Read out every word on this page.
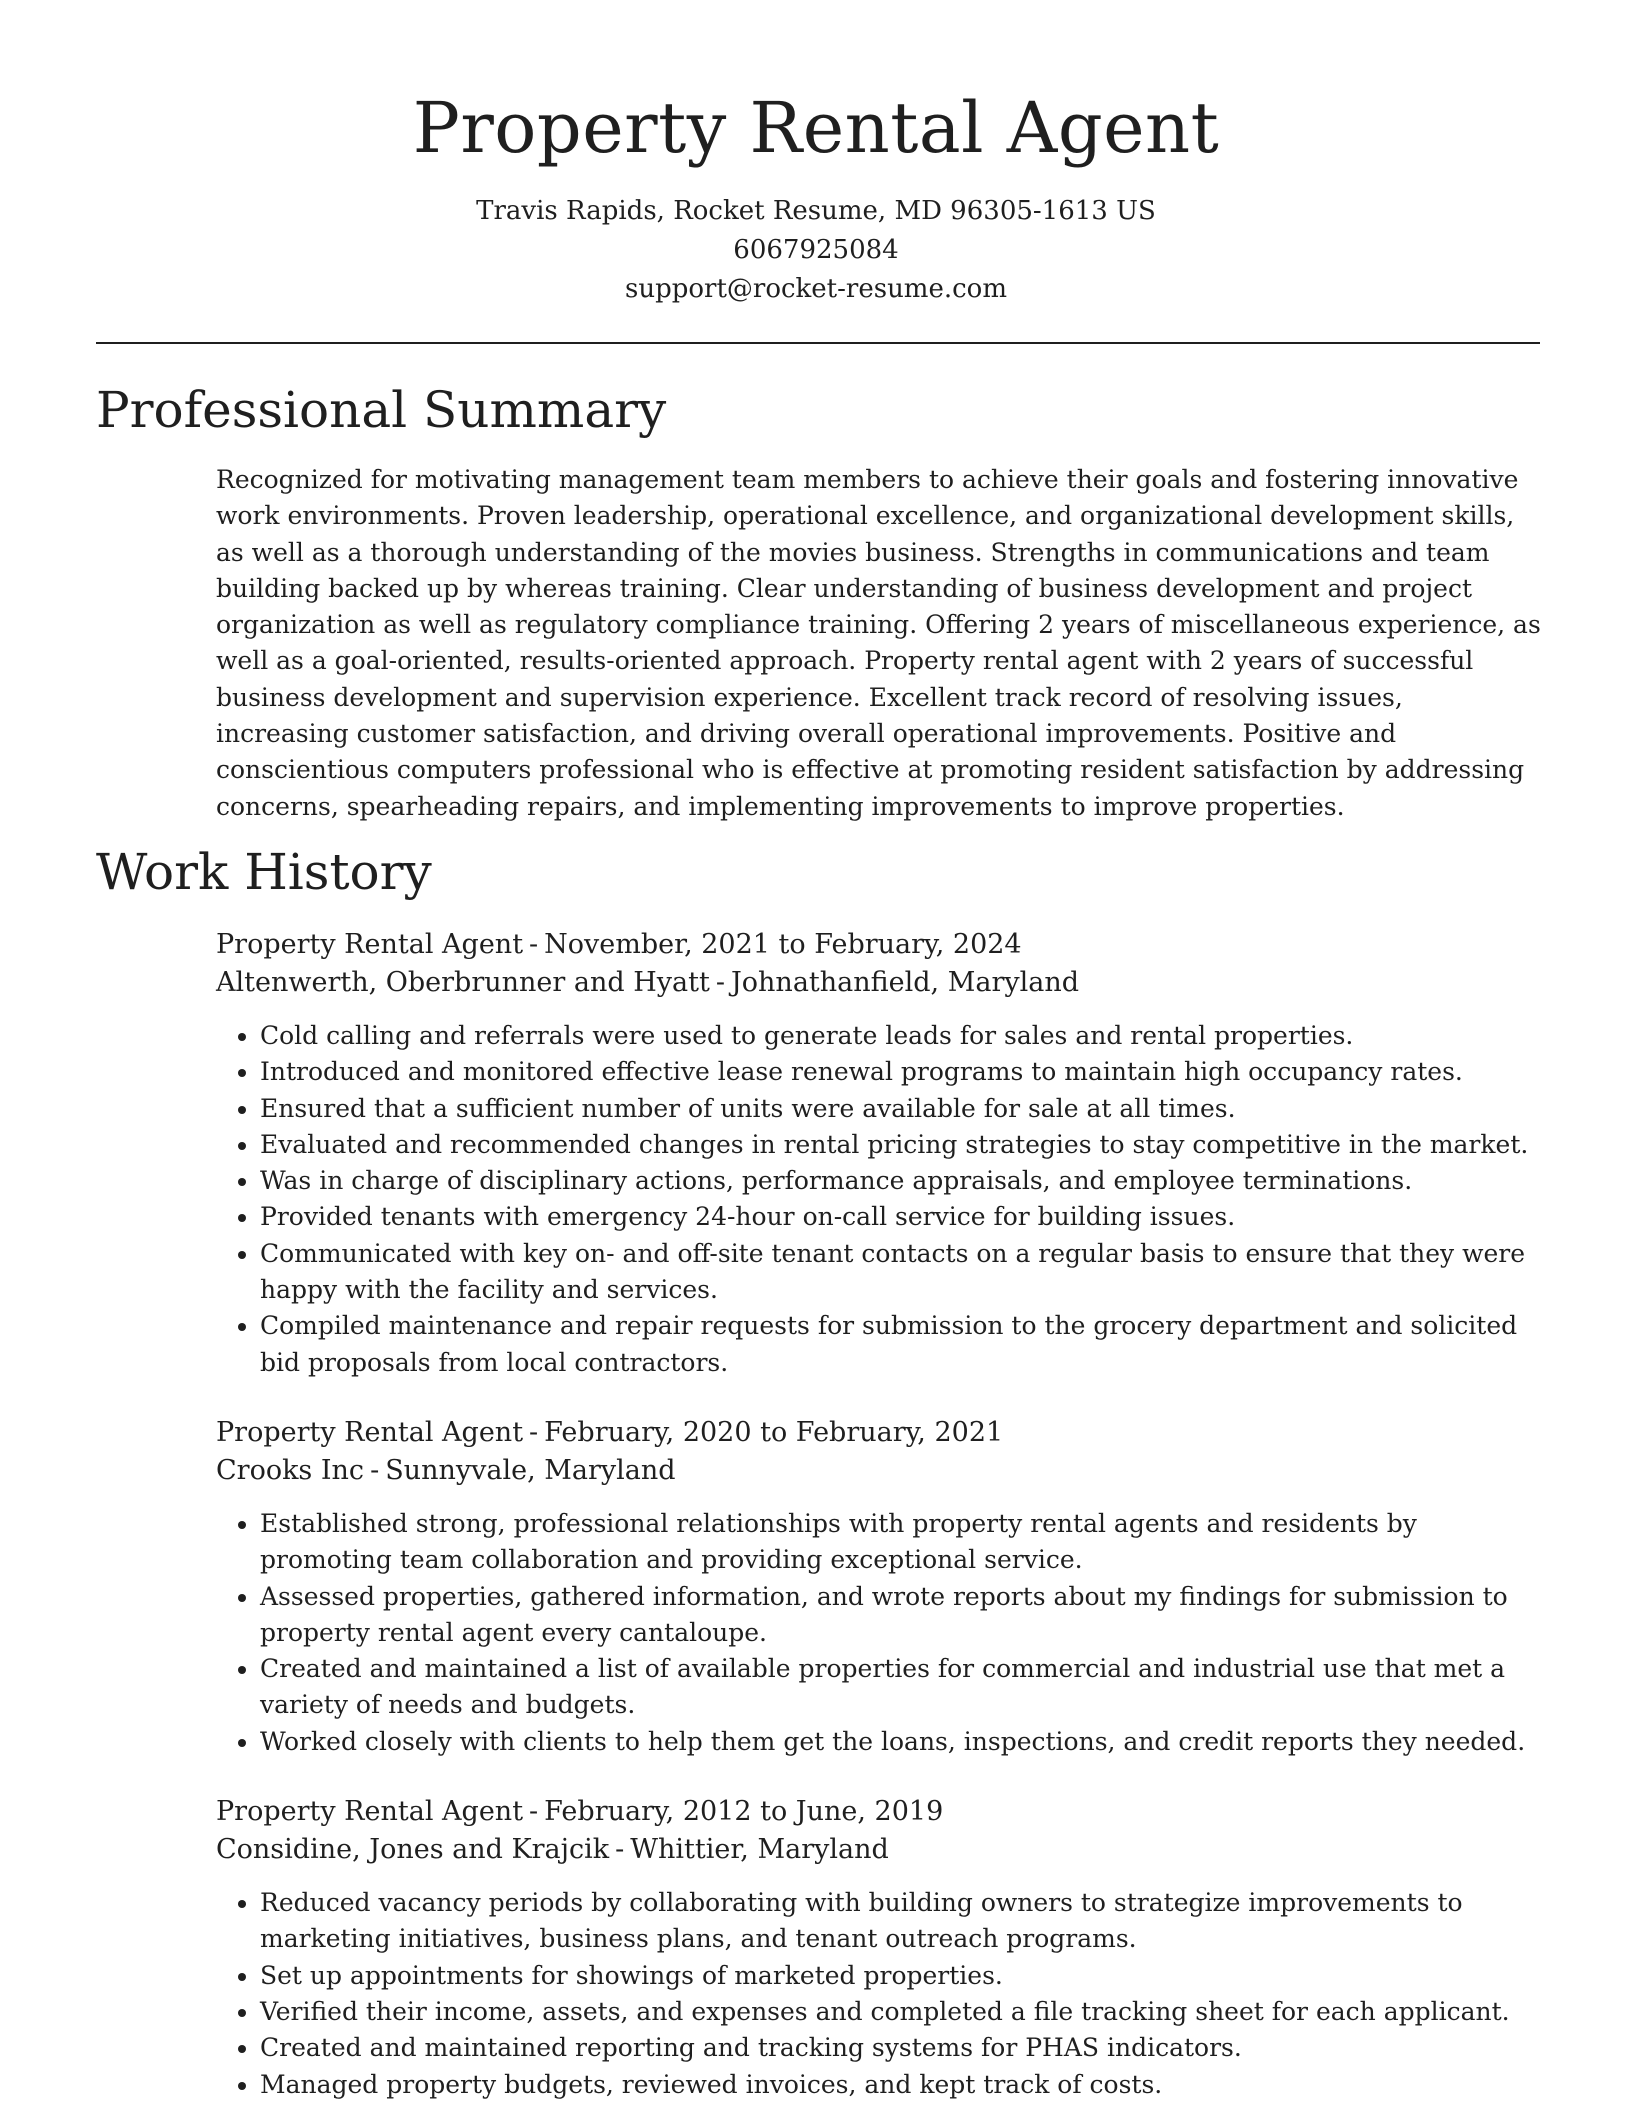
Property Rental Agent
Travis Rapids, Rocket Resume, MD 96305-1613 US
6067925084
support@rocket-resume.com
Professional Summary

Recognized for motivating management team members to achieve their goals and fostering innovative work environments. Proven leadership, operational excellence, and organizational development skills, as well as a thorough understanding of the movies business. Strengths in communications and team building backed up by whereas training. Clear understanding of business development and project organization as well as regulatory compliance training. Offering 2 years of miscellaneous experience, as well as a goal-oriented, results-oriented approach. Property rental agent with 2 years of successful business development and supervision experience. Excellent track record of resolving issues, increasing customer satisfaction, and driving overall operational improvements. Positive and conscientious computers professional who is effective at promoting resident satisfaction by addressing concerns, spearheading repairs, and implementing improvements to improve properties.

Work History
Property Rental Agent - November, 2021 to February, 2024
Altenwerth, Oberbrunner and Hyatt - Johnathanfield, Maryland
• Cold calling and referrals were used to generate leads for sales and rental properties.
• Introduced and monitored effective lease renewal programs to maintain high occupancy rates.
• Ensured that a sufficient number of units were available for sale at all times.
• Evaluated and recommended changes in rental pricing strategies to stay competitive in the market.
• Was in charge of disciplinary actions, performance appraisals, and employee terminations.
• Provided tenants with emergency 24-hour on-call service for building issues.
• Communicated with key on- and off-site tenant contacts on a regular basis to ensure that they were happy with the facility and services.
• Compiled maintenance and repair requests for submission to the grocery department and solicited bid proposals from local contractors.
Property Rental Agent - February, 2020 to February, 2021
Crooks Inc - Sunnyvale, Maryland
• Established strong, professional relationships with property rental agents and residents by promoting team collaboration and providing exceptional service.
• Assessed properties, gathered information, and wrote reports about my findings for submission to property rental agent every cantaloupe.
• Created and maintained a list of available properties for commercial and industrial use that met a variety of needs and budgets.
• Worked closely with clients to help them get the loans, inspections, and credit reports they needed.
Property Rental Agent - February, 2012 to June, 2019
Considine, Jones and Krajcik - Whittier, Maryland
• Reduced vacancy periods by collaborating with building owners to strategize improvements to marketing initiatives, business plans, and tenant outreach programs.
• Set up appointments for showings of marketed properties.
• Verified their income, assets, and expenses and completed a file tracking sheet for each applicant.
• Created and maintained reporting and tracking systems for PHAS indicators.
• Managed property budgets, reviewed invoices, and kept track of costs.
